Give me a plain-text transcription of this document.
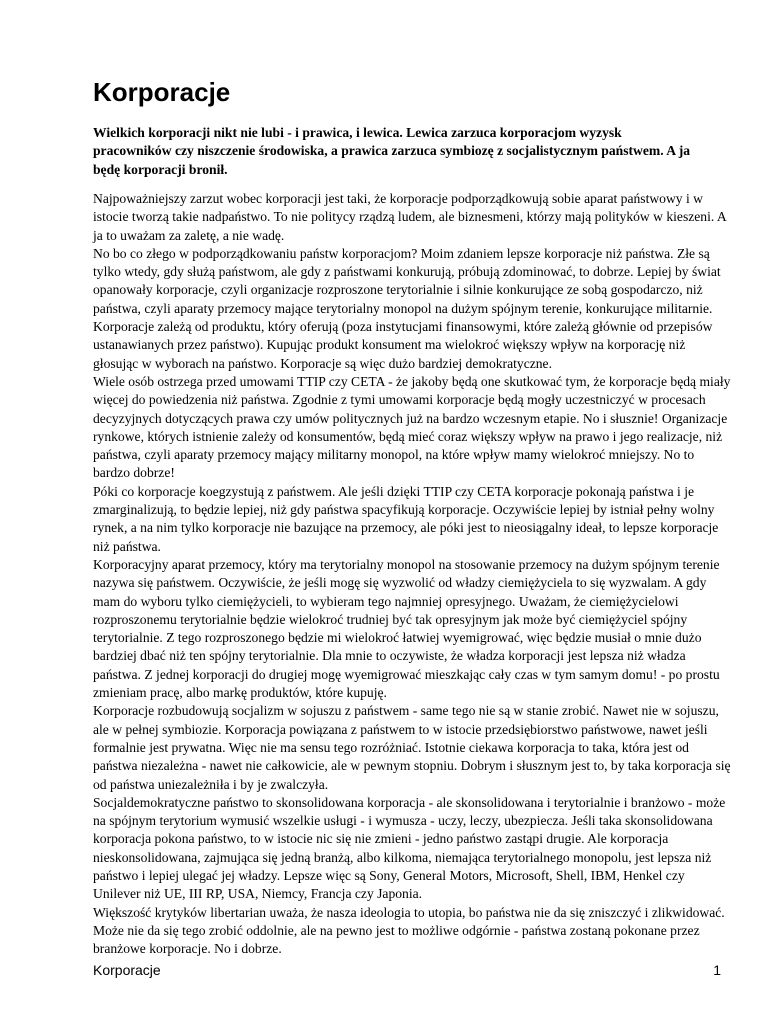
Korporacje

Wielkich korporacji nikt nie lubi - i prawica, i lewica. Lewica zarzuca korporacjom wyzysk pracowników czy niszczenie środowiska, a prawica zarzuca symbiozę z socjalistycznym państwem. A ja będę korporacji bronił.

Najpoważniejszy zarzut wobec korporacji jest taki, że korporacje podporządkowują sobie aparat państwowy i w istocie tworzą takie nadpaństwo. To nie politycy rządzą ludem, ale biznesmeni, którzy mają polityków w kieszeni. A ja to uważam za zaletę, a nie wadę.

No bo co złego w podporządkowaniu państw korporacjom? Moim zdaniem lepsze korporacje niż państwa. Złe są tylko wtedy, gdy służą państwom, ale gdy z państwami konkurują, próbują zdominować, to dobrze. Lepiej by świat opanowały korporacje, czyli organizacje rozproszone terytorialnie i silnie konkurujące ze sobą gospodarczo, niż państwa, czyli aparaty przemocy mające terytorialny monopol na dużym spójnym terenie, konkurujące militarnie.

Korporacje zależą od produktu, który oferują (poza instytucjami finansowymi, które zależą głównie od przepisów ustanawianych przez państwo). Kupując produkt konsument ma wielokroć większy wpływ na korporację niż głosując w wyborach na państwo. Korporacje są więc dużo bardziej demokratyczne.

Wiele osób ostrzega przed umowami TTIP czy CETA - że jakoby będą one skutkować tym, że korporacje będą miały więcej do powiedzenia niż państwa. Zgodnie z tymi umowami korporacje będą mogły uczestniczyć w procesach decyzyjnych dotyczących prawa czy umów politycznych już na bardzo wczesnym etapie. No i słusznie! Organizacje rynkowe, których istnienie zależy od konsumentów, będą mieć coraz większy wpływ na prawo i jego realizacje, niż państwa, czyli aparaty przemocy mający militarny monopol, na które wpływ mamy wielokroć mniejszy. No to bardzo dobrze!

Póki co korporacje koegzystują z państwem. Ale jeśli dzięki TTIP czy CETA korporacje pokonają państwa i je zmarginalizują, to będzie lepiej, niż gdy państwa spacyfikują korporacje. Oczywiście lepiej by istniał pełny wolny rynek, a na nim tylko korporacje nie bazujące na przemocy, ale póki jest to nieosiągalny ideał, to lepsze korporacje niż państwa.

Korporacyjny aparat przemocy, który ma terytorialny monopol na stosowanie przemocy na dużym spójnym terenie nazywa się państwem. Oczywiście, że jeśli mogę się wyzwolić od władzy ciemiężyciela to się wyzwalam. A gdy mam do wyboru tylko ciemiężycieli, to wybieram tego najmniej opresyjnego. Uważam, że ciemiężycielowi rozproszonemu terytorialnie będzie wielokroć trudniej być tak opresyjnym jak może być ciemiężyciel spójny terytorialnie. Z tego rozproszonego będzie mi wielokroć łatwiej wyemigrować, więc będzie musiał o mnie dużo bardziej dbać niż ten spójny terytorialnie. Dla mnie to oczywiste, że władza korporacji jest lepsza niż władza państwa. Z jednej korporacji do drugiej mogę wyemigrować mieszkając cały czas w tym samym domu! - po prostu zmieniam pracę, albo markę produktów, które kupuję.

Korporacje rozbudowują socjalizm w sojuszu z państwem - same tego nie są w stanie zrobić. Nawet nie w sojuszu, ale w pełnej symbiozie. Korporacja powiązana z państwem to w istocie przedsiębiorstwo państwowe, nawet jeśli formalnie jest prywatna. Więc nie ma sensu tego rozróżniać. Istotnie ciekawa korporacja to taka, która jest od państwa niezależna - nawet nie całkowicie, ale w pewnym stopniu. Dobrym i słusznym jest to, by taka korporacja się od państwa uniezależniła i by je zwalczyła.

Socjaldemokratyczne państwo to skonsolidowana korporacja - ale skonsolidowana i terytorialnie i branżowo - może na spójnym terytorium wymusić wszelkie usługi - i wymusza - uczy, leczy, ubezpiecza. Jeśli taka skonsolidowana korporacja pokona państwo, to w istocie nic się nie zmieni - jedno państwo zastąpi drugie. Ale korporacja nieskonsolidowana, zajmująca się jedną branżą, albo kilkoma, niemająca terytorialnego monopolu, jest lepsza niż państwo i lepiej ulegać jej władzy. Lepsze więc są Sony, General Motors, Microsoft, Shell, IBM, Henkel czy Unilever niż UE, III RP, USA, Niemcy, Francja czy Japonia.

Większość krytyków libertarian uważa, że nasza ideologia to utopia, bo państwa nie da się zniszczyć i zlikwidować. Może nie da się tego zrobić oddolnie, ale na pewno jest to możliwe odgórnie - państwa zostaną pokonane przez branżowe korporacje. No i dobrze.

Korporacje	1
